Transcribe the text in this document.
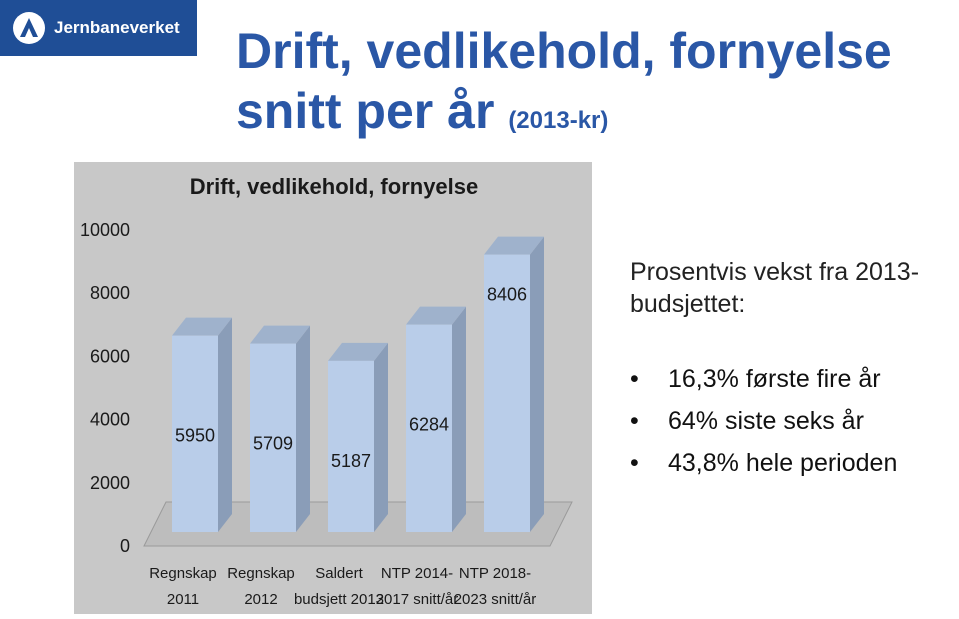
Jernbaneverket Drift, vedlikehold, fornyelse
snitt per år (2013-kr)
0
2000
4000
6000
8000
10000
Drift, vedlikehold, fornyelse
5950
Regnskap
2011
5709
Regnskap
2012
5187
Saldert
budsjett 2013
6284
NTP 2014-
2017 snitt/år
8406
NTP 2018-
2023 snitt/år
Prosentvis vekst fra 2013-budsjettet:
• 16,3% første fire år
• 64% siste seks år
• 43,8% hele perioden
